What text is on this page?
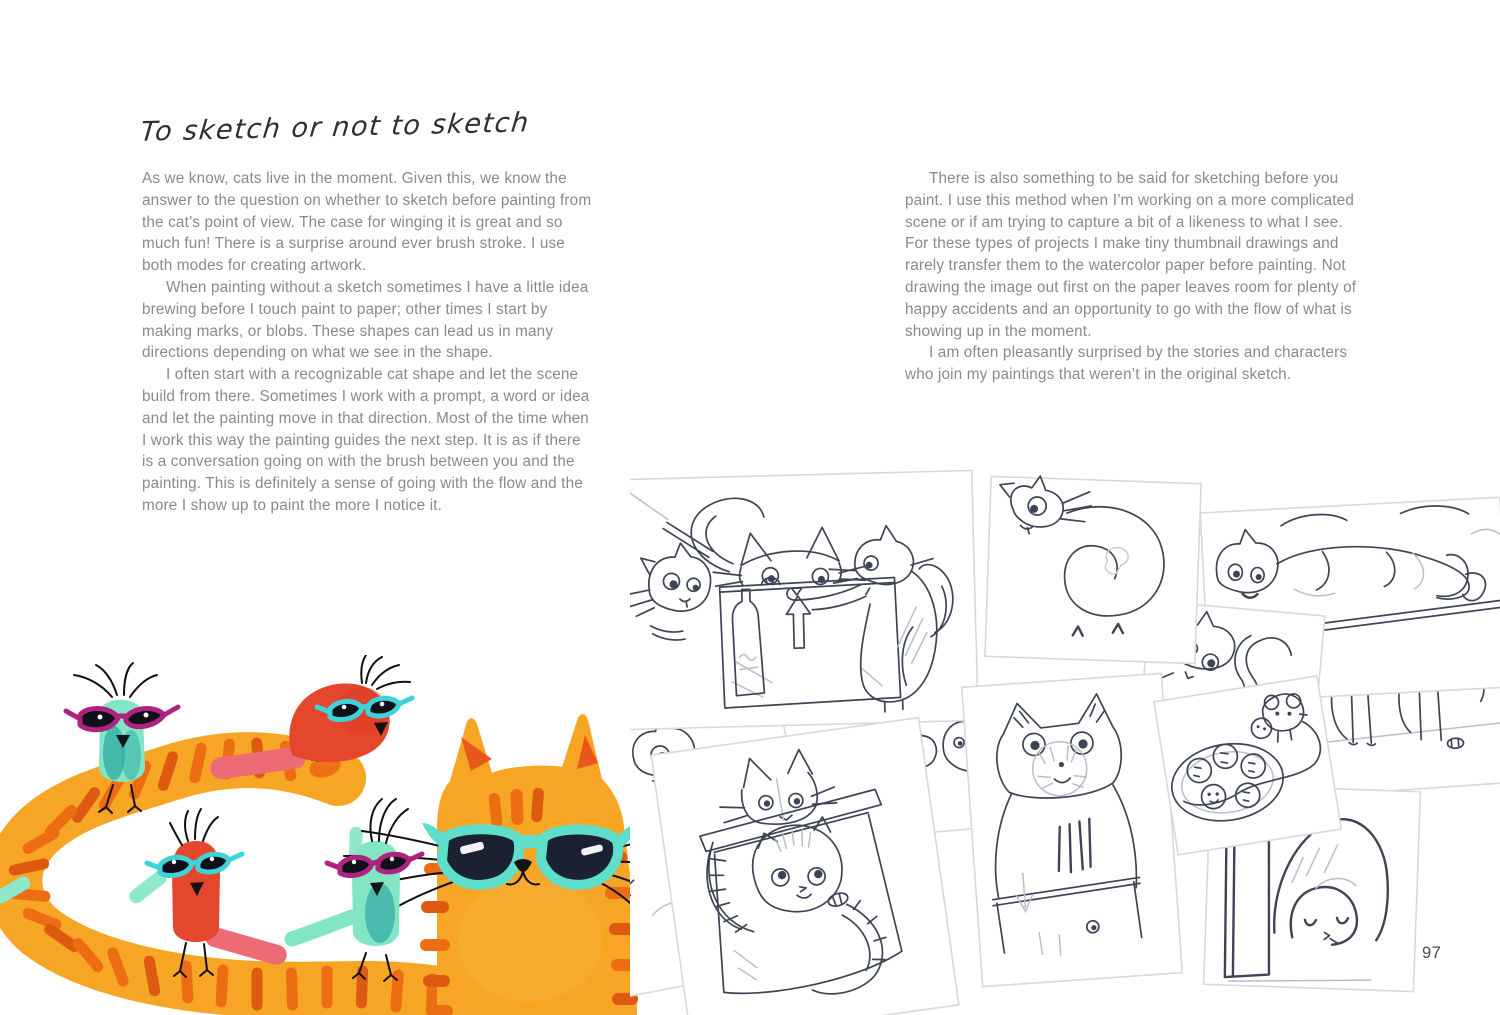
To sketch or not to sketch

As we know, cats live in the moment. Given this, we know the answer to the question on whether to sketch before painting from the cat’s point of view. The case for winging it is great and so much fun! There is a surprise around ever brush stroke. I use both modes for creating artwork.

When painting without a sketch sometimes I have a little idea brewing before I touch paint to paper; other times I start by making marks, or blobs. These shapes can lead us in many directions depending on what we see in the shape.

I often start with a recognizable cat shape and let the scene build from there. Sometimes I work with a prompt, a word or idea and let the painting move in that direction. Most of the time when I work this way the painting guides the next step. It is as if there is a conversation going on with the brush between you and the painting. This is definitely a sense of going with the flow and the more I show up to paint the more I notice it.

There is also something to be said for sketching before you paint. I use this method when I’m working on a more complicated scene or if am trying to capture a bit of a likeness to what I see. For these types of projects I make tiny thumbnail drawings and rarely transfer them to the watercolor paper before painting. Not drawing the image out first on the paper leaves room for plenty of happy accidents and an opportunity to go with the flow of what is showing up in the moment.

I am often pleasantly surprised by the stories and characters who join my paintings that weren’t in the original sketch.

97
